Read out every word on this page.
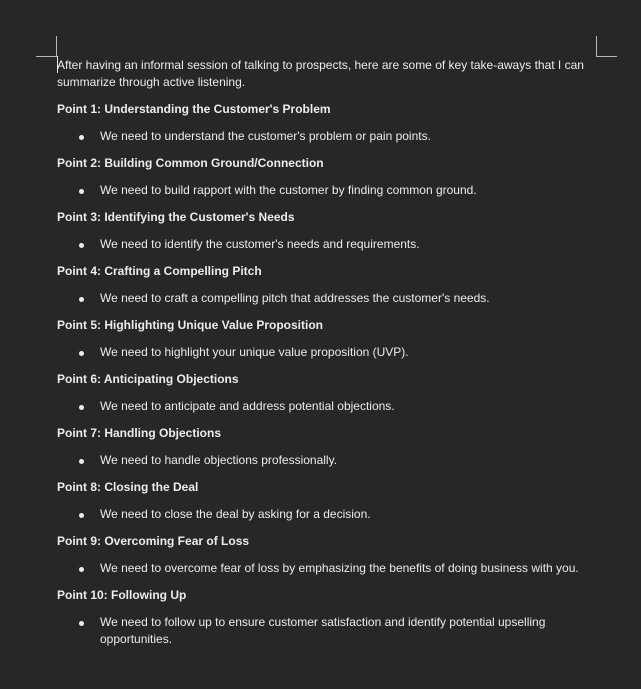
After having an informal session of talking to prospects, here are some of key take-aways that I can summarize through active listening.

Point 1: Understanding the Customer's Problem

We need to understand the customer's problem or pain points.

Point 2: Building Common Ground/Connection

We need to build rapport with the customer by finding common ground.

Point 3: Identifying the Customer's Needs

We need to identify the customer's needs and requirements.

Point 4: Crafting a Compelling Pitch

We need to craft a compelling pitch that addresses the customer's needs.

Point 5: Highlighting Unique Value Proposition

We need to highlight your unique value proposition (UVP).

Point 6: Anticipating Objections

We need to anticipate and address potential objections.

Point 7: Handling Objections

We need to handle objections professionally.

Point 8: Closing the Deal

We need to close the deal by asking for a decision.

Point 9: Overcoming Fear of Loss

We need to overcome fear of loss by emphasizing the benefits of doing business with you.

Point 10: Following Up

We need to follow up to ensure customer satisfaction and identify potential upselling opportunities.
